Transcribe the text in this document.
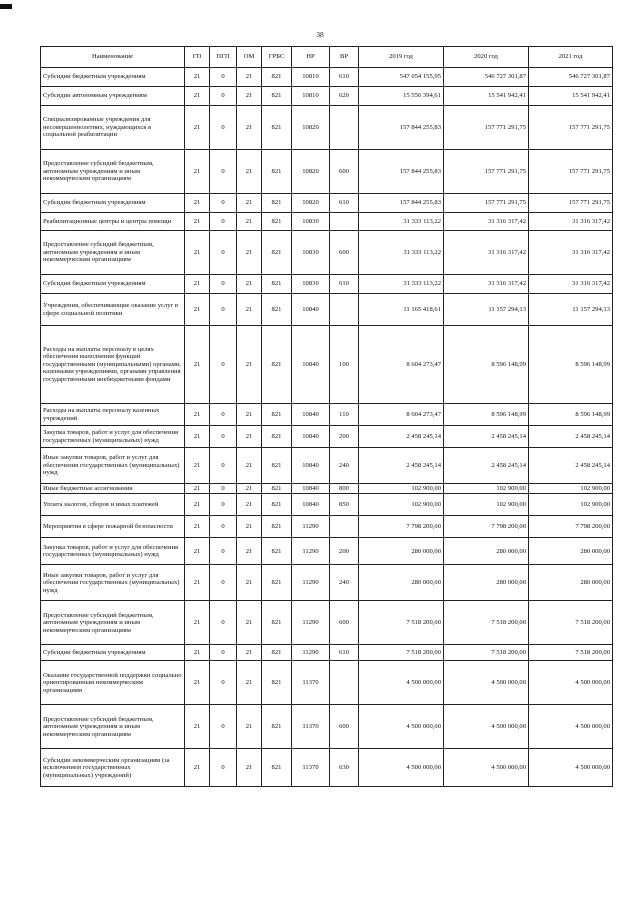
38
Наименование	ГП	ПГП	ОМ	ГРБС	НР	ВР	2019 год	2020 год	2021 год
Субсидии бюджетным учреждениям	21	0	21	821	10810	610	547 054 155,95	546 727 301,87	546 727 301,87
Субсидии автономным учреждениям	21	0	21	821	10810	620	15 556 394,61	15 541 942,41	15 541 942,41
Специализированные учреждения для несовершеннолетних, нуждающихся в социальной реабилитации	21	0	21	821	10820		157 844 255,83	157 771 291,75	157 771 291,75
Предоставление субсидий бюджетным, автономным учреждениям и иным некоммерческим организациям	21	0	21	821	10820	600	157 844 255,83	157 771 291,75	157 771 291,75
Субсидии бюджетным учреждениям	21	0	21	821	10820	610	157 844 255,83	157 771 291,75	157 771 291,75
Реабилитационные центры и центры помощи	21	0	21	821	10830		31 333 113,22	31 316 317,42	31 316 317,42
Предоставление субсидий бюджетным, автономным учреждениям и иным некоммерческим организациям	21	0	21	821	10830	600	31 333 113,22	31 316 317,42	31 316 317,42
Субсидии бюджетным учреждениям	21	0	21	821	10830	610	31 333 113,22	31 316 317,42	31 316 317,42
Учреждения, обеспечивающие оказание услуг в сфере социальной политики	21	0	21	821	10840		11 165 418,61	11 157 294,13	11 157 294,13
Расходы на выплаты персоналу в целях обеспечения выполнения функций государственными (муниципальными) органами, казенными учреждениями, органами управления государственными внебюджетными фондами	21	0	21	821	10840	100	8 604 273,47	8 596 148,99	8 596 148,99
Расходы на выплаты персоналу казенных учреждений	21	0	21	821	10840	110	8 604 273,47	8 596 148,99	8 596 148,99
Закупка товаров, работ и услуг для обеспечения государственных (муниципальных) нужд	21	0	21	821	10840	200	2 458 245,14	2 458 245,14	2 458 245,14
Иные закупки товаров, работ и услуг для обеспечения государственных (муниципальных) нужд	21	0	21	821	10840	240	2 458 245,14	2 458 245,14	2 458 245,14
Иные бюджетные ассигнования	21	0	21	821	10840	800	102 900,00	102 900,00	102 900,00
Уплата налогов, сборов и иных платежей	21	0	21	821	10840	850	102 900,00	102 900,00	102 900,00
Мероприятия в сфере пожарной безопасности	21	0	21	821	11290		7 798 200,00	7 798 200,00	7 798 200,00
Закупка товаров, работ и услуг для обеспечения государственных (муниципальных) нужд	21	0	21	821	11290	200	280 000,00	280 000,00	280 000,00
Иные закупки товаров, работ и услуг для обеспечения государственных (муниципальных) нужд	21	0	21	821	11290	240	280 000,00	280 000,00	280 000,00
Предоставление субсидий бюджетным, автономным учреждениям и иным некоммерческим организациям	21	0	21	821	11290	600	7 518 200,00	7 518 200,00	7 518 200,00
Субсидии бюджетным учреждениям	21	0	21	821	11290	610	7 518 200,00	7 518 200,00	7 518 200,00
Оказание государственной поддержки социально ориентированным некоммерческим организациям	21	0	21	821	11370		4 500 000,00	4 500 000,00	4 500 000,00
Предоставление субсидий бюджетным, автономным учреждениям и иным некоммерческим организациям	21	0	21	821	11370	600	4 500 000,00	4 500 000,00	4 500 000,00
Субсидии некоммерческим организациям (за исключением государственных (муниципальных) учреждений)	21	0	21	821	11370	630	4 500 000,00	4 500 000,00	4 500 000,00
